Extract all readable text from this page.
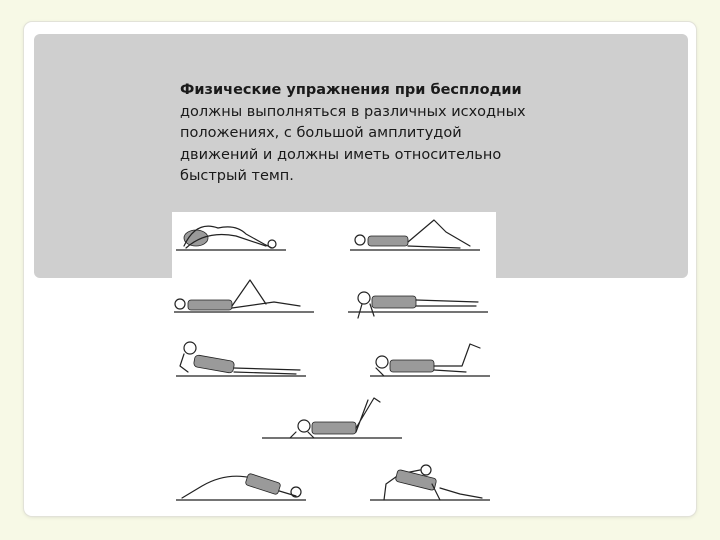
Физические упражнения при бесплодии должны выполняться в различных исходных положениях, с большой амплитудой движений и должны иметь относительно быстрый темп.
